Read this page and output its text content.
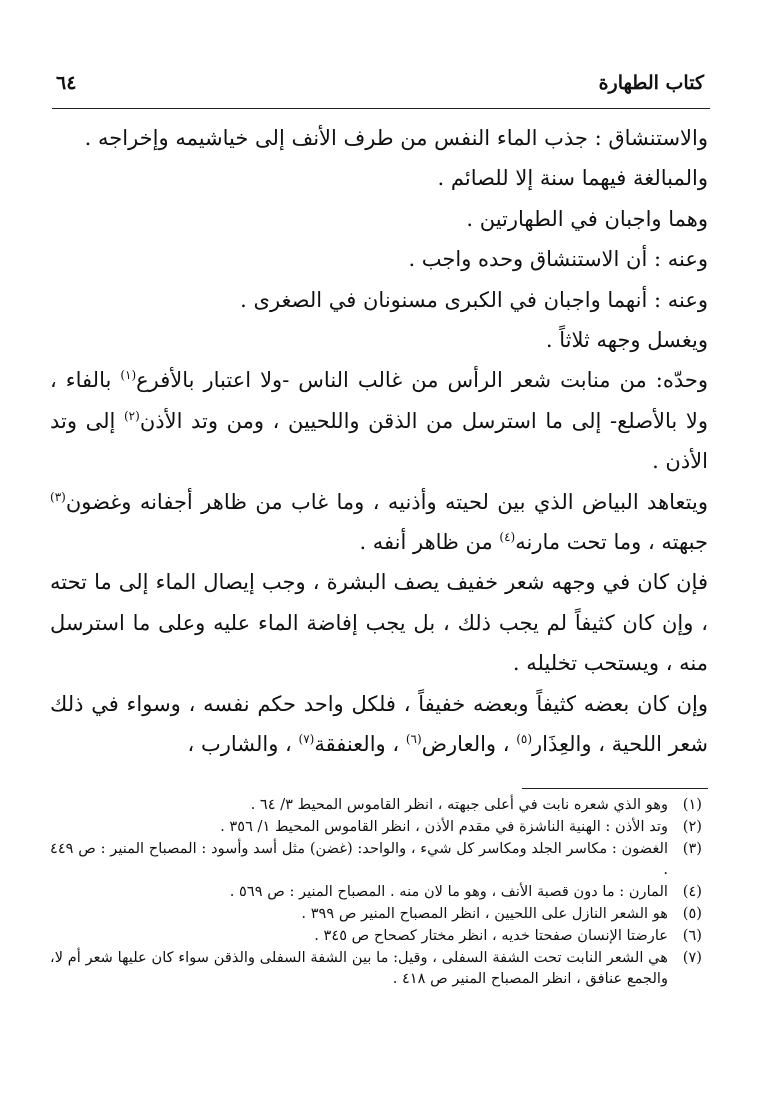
كتاب الطهارة
٦٤

والاستنشاق : جذب الماء النفس من طرف الأنف إلى خياشيمه وإخراجه .

والمبالغة فيهما سنة إلا للصائم .

وهما واجبان في الطهارتين .

وعنه : أن الاستنشاق وحده واجب .

وعنه : أنهما واجبان في الكبرى مسنونان في الصغرى .

ويغسل وجهه ثلاثاً .

وحدّه: من منابت شعر الرأس من غالب الناس -ولا اعتبار بالأفرع$^{(١)}$ بالفاء ، ولا بالأصلع- إلى ما استرسل من الذقن واللحيين ، ومن وتد الأذن$^{(٢)}$ إلى وتد الأذن .

ويتعاهد البياض الذي بين لحيته وأذنيه ، وما غاب من ظاهر أجفانه وغضون$^{(٣)}$ جبهته ، وما تحت مارنه$^{(٤)}$ من ظاهر أنفه .

فإن كان في وجهه شعر خفيف يصف البشرة ، وجب إيصال الماء إلى ما تحته ، وإن كان كثيفاً لم يجب ذلك ، بل يجب إفاضة الماء عليه وعلى ما استرسل منه ، ويستحب تخليله .

وإن كان بعضه كثيفاً وبعضه خفيفاً ، فلكل واحد حكم نفسه ، وسواء في ذلك شعر اللحية ، والعِذَار$^{(٥)}$ ، والعارض$^{(٦)}$ ، والعنفقة$^{(٧)}$ ، والشارب ،

(١)
وهو الذي شعره نابت في أعلى جبهته ، انظر القاموس المحيط ٣/ ٦٤ .

(٢)
وتد الأذن : الهنية الناشزة في مقدم الأذن ، انظر القاموس المحيط ١/ ٣٥٦ .

(٣)
الغضون : مكاسر الجلد ومكاسر كل شيء ، والواحد: (غضن) مثل أسد وأسود : المصباح المنير : ص ٤٤٩ .

(٤)
المارن : ما دون قصبة الأنف ، وهو ما لان منه . المصباح المنير : ص ٥٦٩ .

(٥)
هو الشعر النازل على اللحيين ، انظر المصباح المنير ص ٣٩٩ .

(٦)
عارضتا الإنسان صفحتا خديه ، انظر مختار كصحاح ص ٣٤٥ .

(٧)
هي الشعر النابت تحت الشفة السفلى ، وقيل: ما بين الشفة السفلى والذقن سواء كان عليها شعر أم لا، والجمع عنافق ، انظر المصباح المنير ص ٤١٨ .
